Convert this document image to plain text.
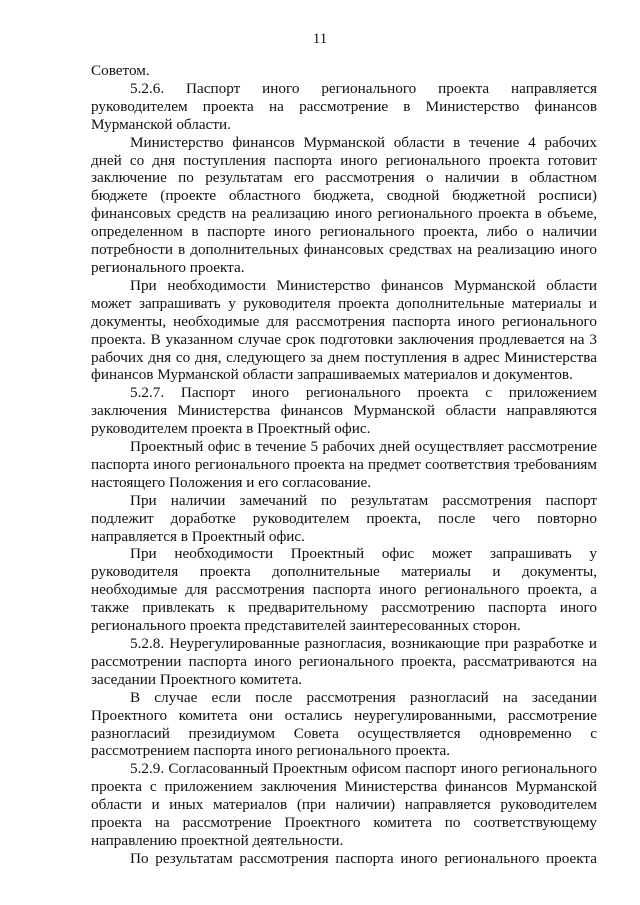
11

Советом.

5.2.6. Паспорт иного регионального проекта направляется руководителем проекта на рассмотрение в Министерство финансов Мурманской области.

Министерство финансов Мурманской области в течение 4 рабочих дней со дня поступления паспорта иного регионального проекта готовит заключение по результатам его рассмотрения о наличии в областном бюджете (проекте областного бюджета, сводной бюджетной росписи) финансовых средств на реализацию иного регионального проекта в объеме, определенном в паспорте иного регионального проекта, либо о наличии потребности в дополнительных финансовых средствах на реализацию иного регионального проекта.

При необходимости Министерство финансов Мурманской области может запрашивать у руководителя проекта дополнительные материалы и документы, необходимые для рассмотрения паспорта иного регионального проекта. В указанном случае срок подготовки заключения продлевается на 3 рабочих дня со дня, следующего за днем поступления в адрес Министерства финансов Мурманской области запрашиваемых материалов и документов.

5.2.7. Паспорт иного регионального проекта с приложением заключения Министерства финансов Мурманской области направляются руководителем проекта в Проектный офис.

Проектный офис в течение 5 рабочих дней осуществляет рассмотрение паспорта иного регионального проекта на предмет соответствия требованиям настоящего Положения и его согласование.

При наличии замечаний по результатам рассмотрения паспорт подлежит доработке руководителем проекта, после чего повторно направляется в Проектный офис.

При необходимости Проектный офис может запрашивать у руководителя проекта дополнительные материалы и документы, необходимые для рассмотрения паспорта иного регионального проекта, а также привлекать к предварительному рассмотрению паспорта иного регионального проекта представителей заинтересованных сторон.

5.2.8. Неурегулированные разногласия, возникающие при разработке и рассмотрении паспорта иного регионального проекта, рассматриваются на заседании Проектного комитета.

В случае если после рассмотрения разногласий на заседании Проектного комитета они остались неурегулированными, рассмотрение разногласий президиумом Совета осуществляется одновременно с рассмотрением паспорта иного регионального проекта.

5.2.9. Согласованный Проектным офисом паспорт иного регионального проекта с приложением заключения Министерства финансов Мурманской области и иных материалов (при наличии) направляется руководителем проекта на рассмотрение Проектного комитета по соответствующему направлению проектной деятельности.

По результатам рассмотрения паспорта иного регионального проекта
